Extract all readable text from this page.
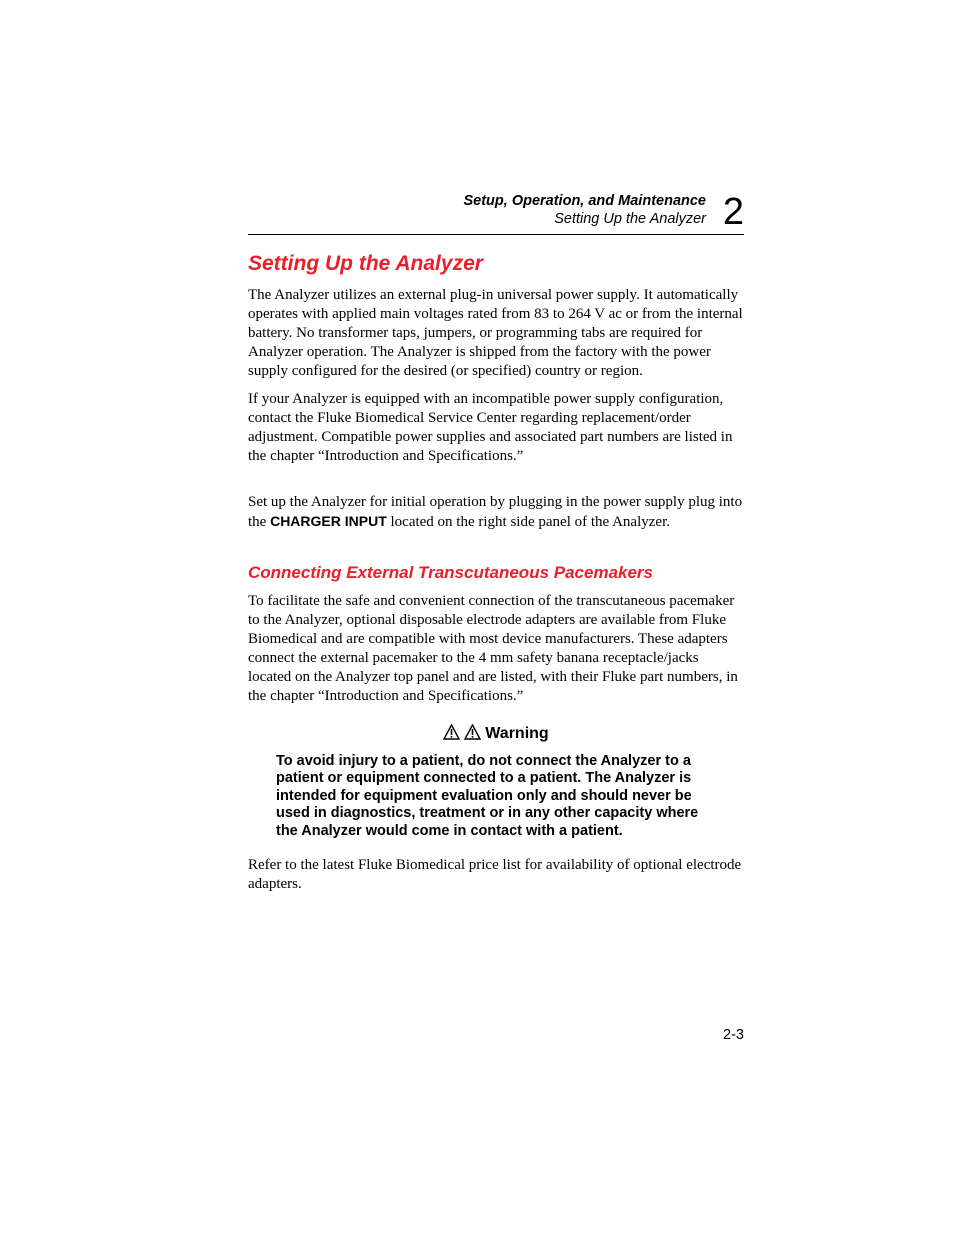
Setup, Operation, and Maintenance
Setting Up the Analyzer 2
Setting Up the Analyzer

The Analyzer utilizes an external plug-in universal power supply. It automatically operates with applied main voltages rated from 83 to 264 V ac or from the internal battery. No transformer taps, jumpers, or programming tabs are required for Analyzer operation. The Analyzer is shipped from the factory with the power supply configured for the desired (or specified) country or region.

If your Analyzer is equipped with an incompatible power supply configuration, contact the Fluke Biomedical Service Center regarding replacement/order adjustment. Compatible power supplies and associated part numbers are listed in the chapter “Introduction and Specifications.”

Set up the Analyzer for initial operation by plugging in the power supply plug into the CHARGER INPUT located on the right side panel of the Analyzer.

Connecting External Transcutaneous Pacemakers

To facilitate the safe and convenient connection of the transcutaneous pacemaker to the Analyzer, optional disposable electrode adapters are available from Fluke Biomedical and are compatible with most device manufacturers. These adapters connect the external pacemaker to the 4 mm safety banana receptacle/jacks located on the Analyzer top panel and are listed, with their Fluke part numbers, in the chapter “Introduction and Specifications.”

Warning
To avoid injury to a patient, do not connect the Analyzer to a patient or equipment connected to a patient. The Analyzer is intended for equipment evaluation only and should never be used in diagnostics, treatment or in any other capacity where the Analyzer would come in contact with a patient.

Refer to the latest Fluke Biomedical price list for availability of optional electrode adapters.

2-3
